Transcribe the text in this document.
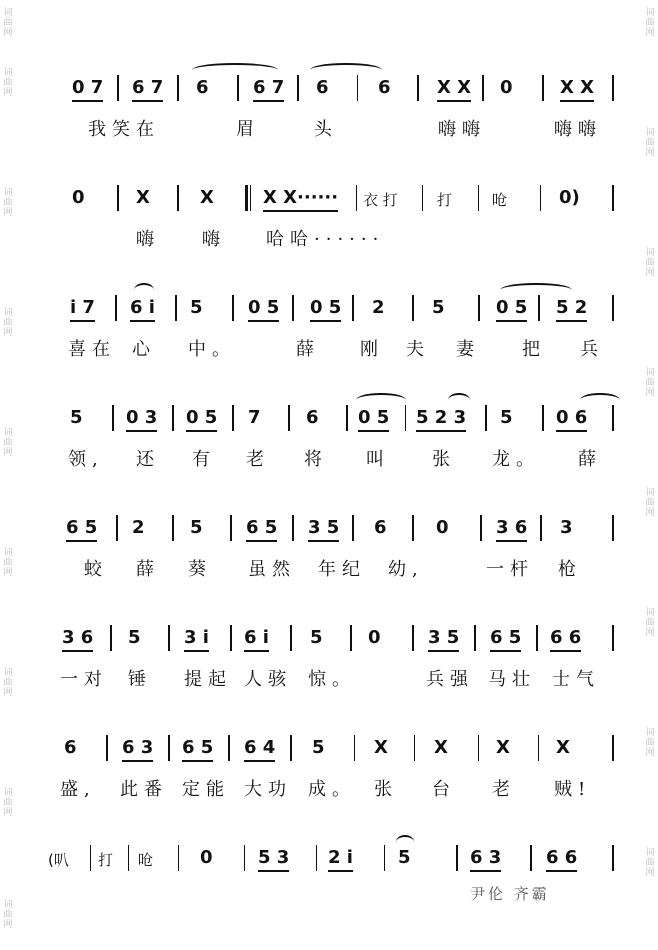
词
曲
网
词
曲
网
词
曲
网
词
曲
网
词
曲
网
词
曲
网
词
曲
网
词
曲
网
词
曲
网
词
曲
网
词
曲
网
词
曲
网
词
曲
网
词
曲
网
词
曲
网
词
曲
网
词
曲
网
0 7 6 7 6 6 7 6	6	X X 0	X X
我笑在	眉	头	嗨嗨	嗨嗨
0	X	X	X X······ 衣 打	打	呛	0)
嗨 嗨 哈哈······
i 7 6 i 5	0 5 0 5 2	5	0 5 5 2
喜在 心 中。	薛 刚 夫 妻 把 兵
5 0 3 0 5 7	6 0 5 5 2 3 5 0 6
领, 还 有 老 将 叫 张 龙。 薛
6 5 2	5 6 5 3 5 6	0	3 6 3
蛟 薛 葵 虽然 年纪 幼,	一杆 枪
3 6 5 3 i 6 i 5	0	3 5 6 5 6 6
一对 锤 提起 人骇 惊。	兵强 马壮 士气
6	6 3 6 5 6 4 5	X	X	X	X
盛, 此番 定能 大功 成。 张 台 老 贼!
(叭 打 呛	0	5 3 2 i	5	6 3 6 6
尹伦 齐霸
